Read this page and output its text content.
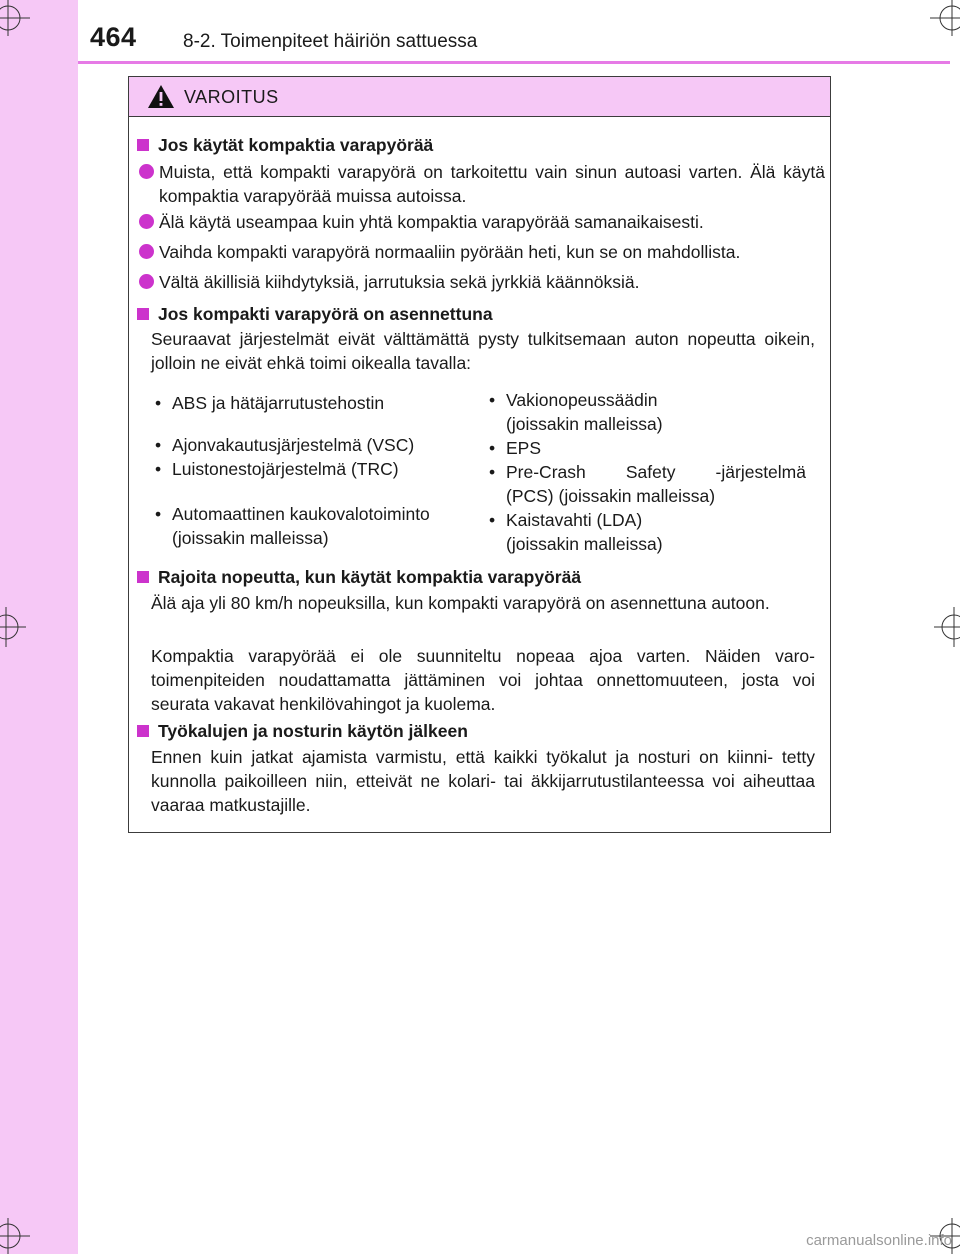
464 8-2. Toimenpiteet häiriön sattuessa
VAROITUS
Jos käytät kompaktia varapyörää
Muista, että kompakti varapyörä on tarkoitettu vain sinun autoasi varten. Älä käytä kompaktia varapyörää muissa autoissa.
Älä käytä useampaa kuin yhtä kompaktia varapyörää samanaikaisesti.
Vaihda kompakti varapyörä normaaliin pyörään heti, kun se on mahdollista.
Vältä äkillisiä kiihdytyksiä, jarrutuksia sekä jyrkkiä käännöksiä.
Jos kompakti varapyörä on asennettuna
Seuraavat järjestelmät eivät välttämättä pysty tulkitsemaan auton nopeutta oikein, jolloin ne eivät ehkä toimi oikealla tavalla:
• ABS ja hätäjarrutustehostin
• Ajonvakautusjärjestelmä (VSC)
• Luistonestojärjestelmä (TRC)
• Automaattinen kaukovalotoiminto
(joissakin malleissa)
• Vakionopeussäädin
(joissakin malleissa)
• EPS
• Pre-Crash Safety -järjestelmä
(PCS) (joissakin malleissa)
• Kaistavahti (LDA)
(joissakin malleissa)
Rajoita nopeutta, kun käytät kompaktia varapyörää
Älä aja yli 80 km/h nopeuksilla, kun kompakti varapyörä on asennettuna autoon.
Kompaktia varapyörää ei ole suunniteltu nopeaa ajoa varten. Näiden varo- toimenpiteiden noudattamatta jättäminen voi johtaa onnettomuuteen, josta voi seurata vakavat henkilövahingot ja kuolema.
Työkalujen ja nosturin käytön jälkeen
Ennen kuin jatkat ajamista varmistu, että kaikki työkalut ja nosturi on kiinni- tetty kunnolla paikoilleen niin, etteivät ne kolari- tai äkkijarrutustilanteessa voi aiheuttaa vaaraa matkustajille.
carmanualsonline.info
